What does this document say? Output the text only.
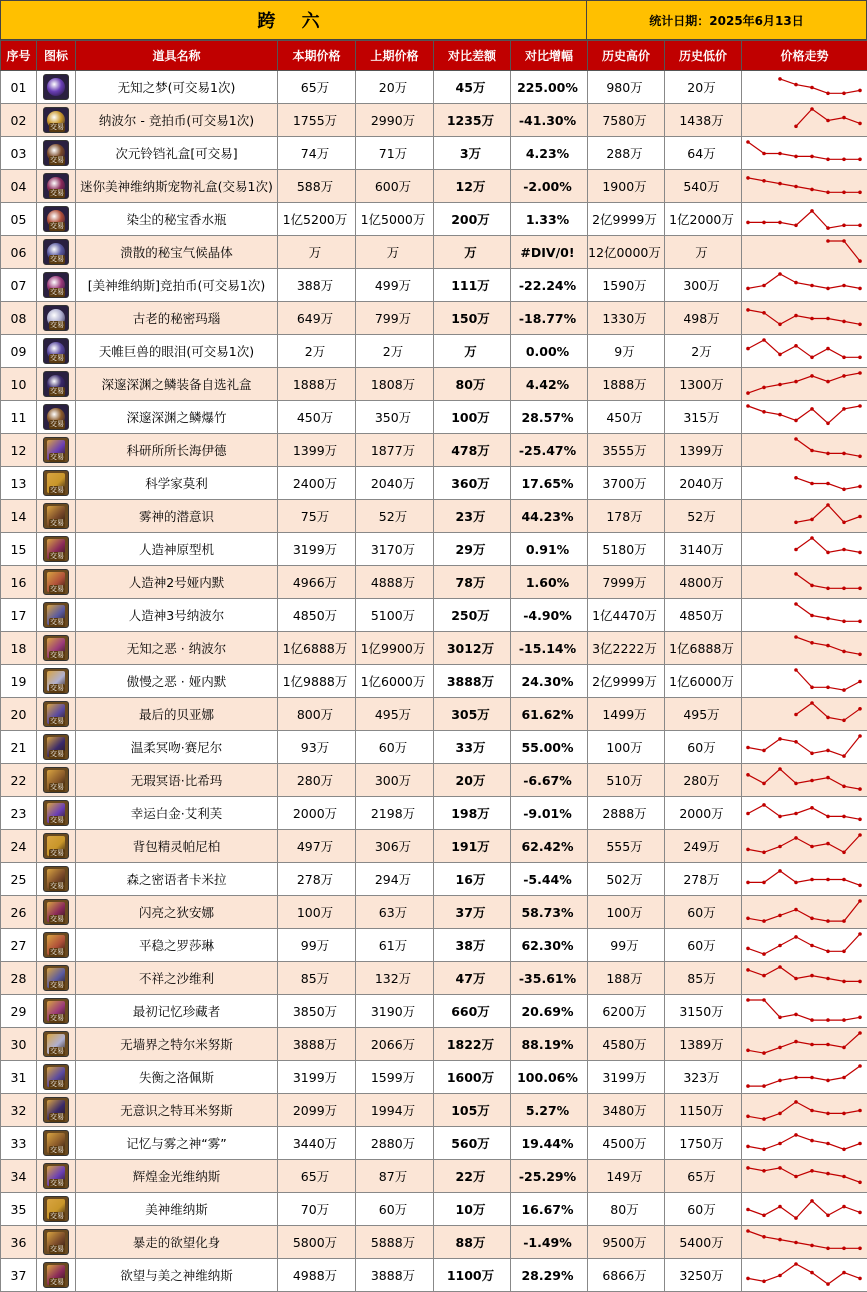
跨 六	统计日期：2025年6月13日
序号	图标	道具名称	本期价格	上期价格	对比差额	对比增幅	历史高价	历史低价	价格走势
01		无知之梦(可交易1次)	65万	20万	45万	225.00%	980万	20万	

02	交易	纳波尔 - 竞拍币(可交易1次)	1755万	2990万	1235万	-41.30%	7580万	1438万	

03	交易	次元铃铛礼盒[可交易]	74万	71万	3万	4.23%	288万	64万	

04	交易	迷你美神维纳斯宠物礼盒(交易1次)	588万	600万	12万	-2.00%	1900万	540万	

05	交易	染尘的秘宝香水瓶	1亿5200万	1亿5000万	200万	1.33%	2亿9999万	1亿2000万	

06	交易	溃散的秘宝气候晶体	万	万	万	#DIV/0!	12亿0000万	万	

07	交易	[美神维纳斯]竞拍币(可交易1次)	388万	499万	111万	-22.24%	1590万	300万	

08	交易	古老的秘密玛瑙	649万	799万	150万	-18.77%	1330万	498万	

09	交易	天帷巨兽的眼泪(可交易1次)	2万	2万	万	0.00%	9万	2万	

10	交易	深邃深渊之鳞装备自选礼盒	1888万	1808万	80万	4.42%	1888万	1300万	

11	交易	深邃深渊之鳞爆竹	450万	350万	100万	28.57%	450万	315万	

12	交易	科研所所长海伊德	1399万	1877万	478万	-25.47%	3555万	1399万	

13	交易	科学家莫利	2400万	2040万	360万	17.65%	3700万	2040万	

14	交易	雾神的潜意识	75万	52万	23万	44.23%	178万	52万	

15	交易	人造神原型机	3199万	3170万	29万	0.91%	5180万	3140万	

16	交易	人造神2号娅内默	4966万	4888万	78万	1.60%	7999万	4800万	

17	交易	人造神3号纳波尔	4850万	5100万	250万	-4.90%	1亿4470万	4850万	

18	交易	无知之恶 · 纳波尔	1亿6888万	1亿9900万	3012万	-15.14%	3亿2222万	1亿6888万	

19	交易	傲慢之恶 · 娅内默	1亿9888万	1亿6000万	3888万	24.30%	2亿9999万	1亿6000万	

20	交易	最后的贝亚娜	800万	495万	305万	61.62%	1499万	495万	

21	交易	温柔冥吻·赛尼尔	93万	60万	33万	55.00%	100万	60万	

22	交易	无瑕冥语·比希玛	280万	300万	20万	-6.67%	510万	280万	

23	交易	幸运白金·艾利芙	2000万	2198万	198万	-9.01%	2888万	2000万	

24	交易	背包精灵帕尼柏	497万	306万	191万	62.42%	555万	249万	

25	交易	森之密语者卡米拉	278万	294万	16万	-5.44%	502万	278万	

26	交易	闪亮之狄安娜	100万	63万	37万	58.73%	100万	60万	

27	交易	平稳之罗莎琳	99万	61万	38万	62.30%	99万	60万	

28	交易	不祥之沙维利	85万	132万	47万	-35.61%	188万	85万	

29	交易	最初记忆珍藏者	3850万	3190万	660万	20.69%	6200万	3150万	

30	交易	无墙界之特尔米努斯	3888万	2066万	1822万	88.19%	4580万	1389万	

31	交易	失衡之洛佩斯	3199万	1599万	1600万	100.06%	3199万	323万	

32	交易	无意识之特耳米努斯	2099万	1994万	105万	5.27%	3480万	1150万	

33	交易	记忆与雾之神“雾”	3440万	2880万	560万	19.44%	4500万	1750万	

34	交易	辉煌金光维纳斯	65万	87万	22万	-25.29%	149万	65万	

35	交易	美神维纳斯	70万	60万	10万	16.67%	80万	60万	

36	交易	暴走的欲望化身	5800万	5888万	88万	-1.49%	9500万	5400万	

37	交易	欲望与美之神维纳斯	4988万	3888万	1100万	28.29%	6866万	3250万	
